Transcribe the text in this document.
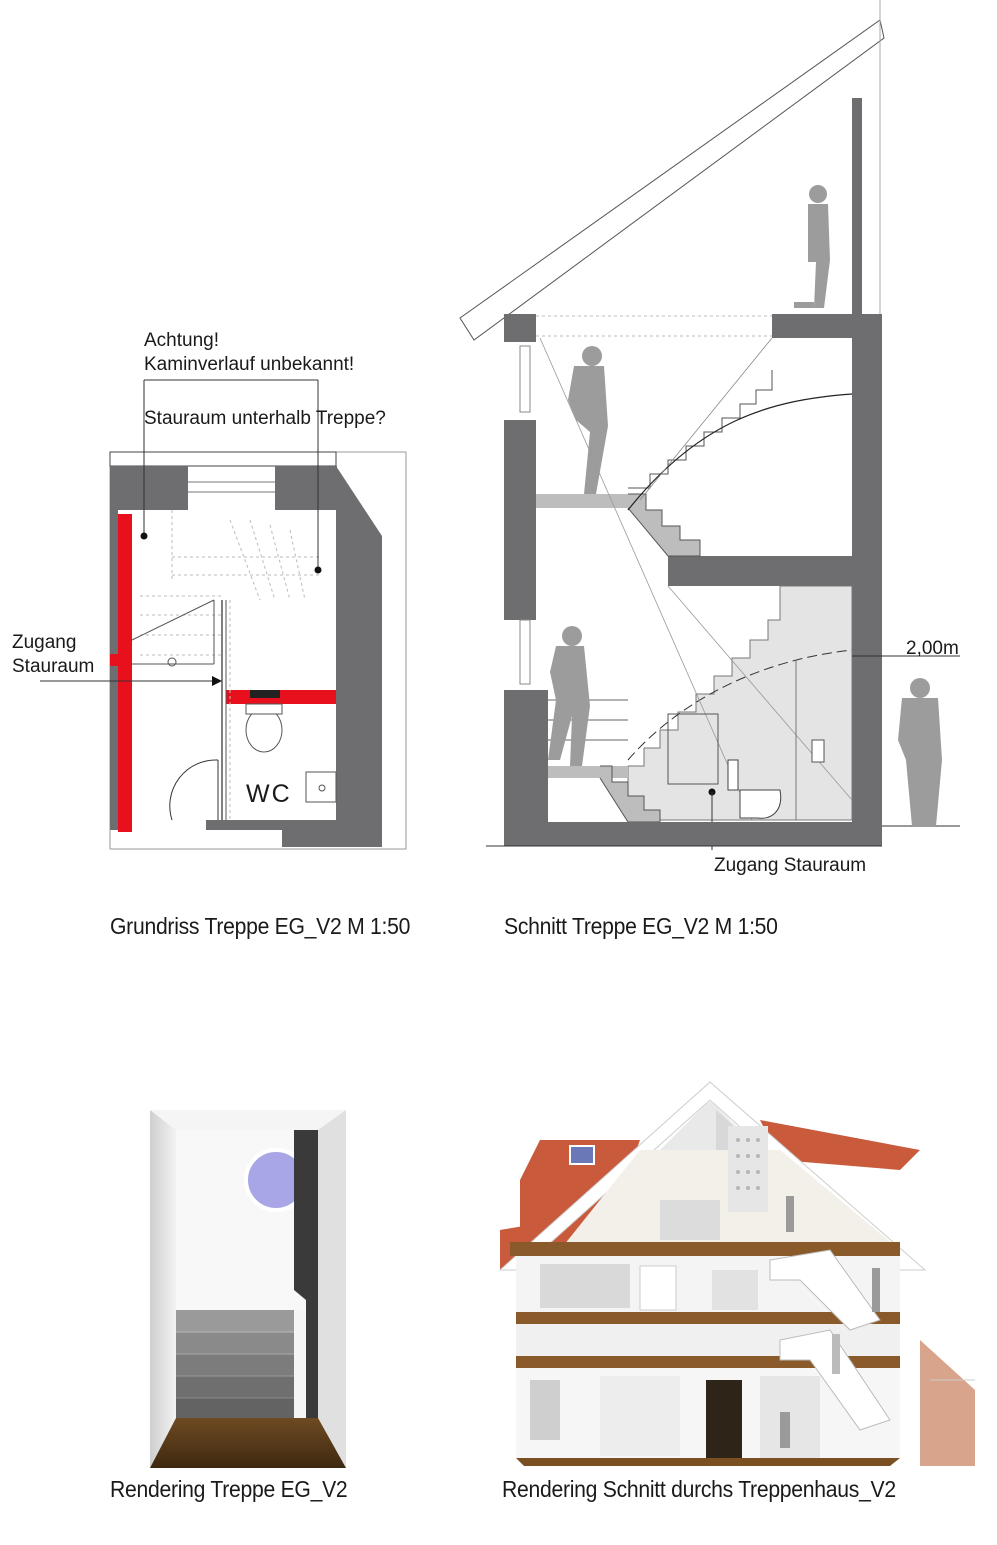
Achtung!
Kaminverlauf unbekannt!
Stauraum unterhalb Treppe?
Zugang
Stauraum
WC
Grundriss Treppe EG_V2 M 1:50
2,00m
Zugang Stauraum
Schnitt Treppe EG_V2 M 1:50
Rendering Treppe EG_V2	Rendering Schnitt durchs Treppenhaus_V2
